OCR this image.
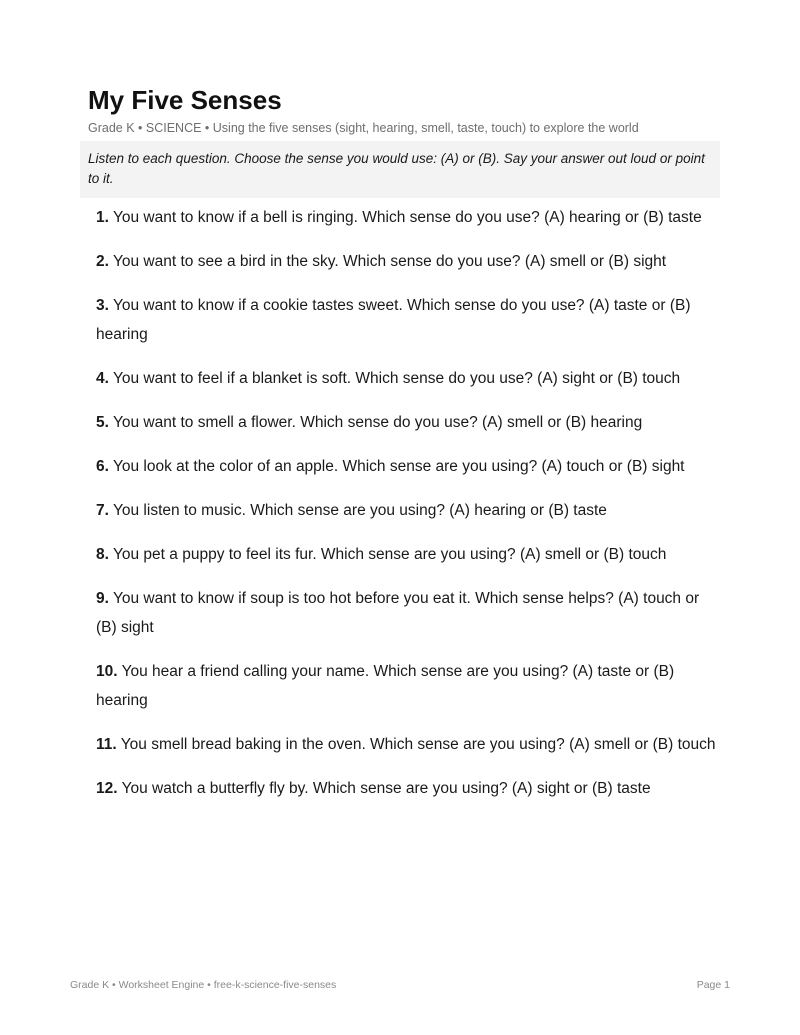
My Five Senses
Grade K • SCIENCE • Using the five senses (sight, hearing, smell, taste, touch) to explore the world
Listen to each question. Choose the sense you would use: (A) or (B). Say your answer out loud or point to it.
1. You want to know if a bell is ringing. Which sense do you use? (A) hearing or (B) taste
2. You want to see a bird in the sky. Which sense do you use? (A) smell or (B) sight
3. You want to know if a cookie tastes sweet. Which sense do you use? (A) taste or (B) hearing
4. You want to feel if a blanket is soft. Which sense do you use? (A) sight or (B) touch
5. You want to smell a flower. Which sense do you use? (A) smell or (B) hearing
6. You look at the color of an apple. Which sense are you using? (A) touch or (B) sight
7. You listen to music. Which sense are you using? (A) hearing or (B) taste
8. You pet a puppy to feel its fur. Which sense are you using? (A) smell or (B) touch
9. You want to know if soup is too hot before you eat it. Which sense helps? (A) touch or (B) sight
10. You hear a friend calling your name. Which sense are you using? (A) taste or (B) hearing
11. You smell bread baking in the oven. Which sense are you using? (A) smell or (B) touch
12. You watch a butterfly fly by. Which sense are you using? (A) sight or (B) taste
Grade K • Worksheet Engine • free-k-science-five-senses	Page 1
